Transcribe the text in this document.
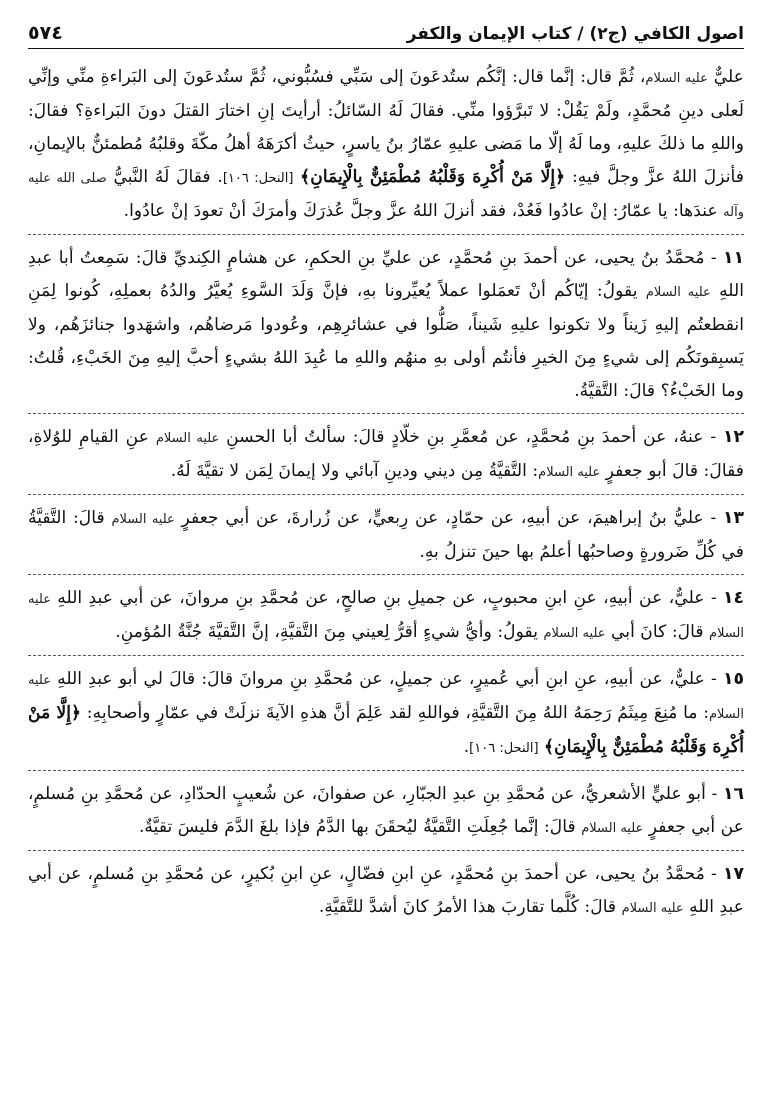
اصول الكافي (ج٢) / كتاب الإيمان والكفر
٥٧٤

عليٌّ عليه السلام، ثُمَّ قال: إنَّما قال: إنَّكُم ستُدعَونَ إلى سَبِّي فسُبُّوني، ثُمَّ ستُدعَونَ إلى البَراءةِ منِّي وإنِّي لَعلى دينِ مُحمَّدٍ، ولَمْ يَقُلْ: لا تَبرَّؤوا منِّي. فقالَ لَهُ السّائلُ: أرأيتَ إنِ اختارَ القتلَ دونَ البَراءةِ؟ فقالَ: واللهِ ما ذلكَ عليهِ، وما لَهُ إلّا ما مَضى عليهِ عمّارُ بنُ ياسرٍ، حيثُ أكرَهَهُ أهلُ مكّةَ وقلبُهُ مُطمئنٌّ بالإيمانِ، فأنزلَ اللهُ عزَّ وجلَّ فيهِ: ﴿إِلَّا مَنْ أُكْرِهَ وَقَلْبُهُ مُطْمَئِنٌّ بِالْإِيمَانِ﴾ [النحل: ١٠٦]. فقالَ لَهُ النَّبيُّ صلى الله عليه وآله عندَها: يا عمّارُ: إنْ عادُوا فَعُدْ، فقد أنزلَ اللهُ عزَّ وجلَّ عُذرَكَ وأمرَكَ أنْ تعودَ إنْ عادُوا.

١١ - مُحمَّدُ بنُ يحيى، عن أحمدَ بنِ مُحمَّدٍ، عن عليِّ بنِ الحكمِ، عن هشامٍ الكِنديِّ قالَ: سَمِعتُ أبا عبدِ اللهِ عليه السلام يقولُ: إيّاكُم أنْ تَعمَلوا عملاً يُعيِّرونا بهِ، فإنَّ وَلَدَ السَّوءِ يُعيَّرُ والدُهُ بعملِهِ، كُونوا لِمَنِ انقطعتُم إليهِ زَيناً ولا تكونوا عليهِ شَيناً، صَلُّوا في عشائرِهِم، وعُودوا مَرضاهُم، واشهَدوا جنائزَهُم، ولا يَسبِقونَكُم إلى شيءٍ مِنَ الخيرِ فأنتُم أولى بهِ منهُم واللهِ ما عُبِدَ اللهُ بشيءٍ أحبَّ إليهِ مِنَ الخَبْءِ، قُلتُ: وما الخَبْءُ؟ قالَ: التَّقيَّةُ.

١٢ - عنهُ، عن أحمدَ بنِ مُحمَّدٍ، عن مُعمَّرِ بنِ خلّادٍ قالَ: سألتُ أبا الحسنِ عليه السلام عنِ القيامِ للوُلاةِ، فقالَ: قالَ أبو جعفرٍ عليه السلام: التَّقيَّةُ مِن ديني ودينِ آبائي ولا إيمانَ لِمَن لا تقيَّةَ لَهُ.

١٣ - عليُّ بنُ إبراهيمَ، عن أبيهِ، عن حمّادٍ، عن رِبعيٍّ، عن زُرارةَ، عن أبي جعفرٍ عليه السلام قالَ: التَّقيَّةُ في كُلِّ ضَرورةٍ وصاحبُها أعلمُ بها حينَ تنزلُ بهِ.

١٤ - عليٌّ، عن أبيهِ، عنِ ابنِ محبوبٍ، عن جميلِ بنِ صالحٍ، عن مُحمَّدِ بنِ مروانَ، عن أبي عبدِ اللهِ عليه السلام قالَ: كانَ أبي عليه السلام يقولُ: وأيُّ شيءٍ أقرُّ لِعيني مِنَ التَّقيَّةِ، إنَّ التَّقيَّةَ جُنَّةُ المُؤمنِ.

١٥ - عليٌّ، عن أبيهِ، عنِ ابنِ أبي عُميرٍ، عن جميلٍ، عن مُحمَّدِ بنِ مروانَ قالَ: قالَ لي أبو عبدِ اللهِ عليه السلام: ما مُنِعَ مِيثَمُ رَحِمَهُ اللهُ مِنَ التَّقيَّةِ، فواللهِ لقد عَلِمَ أنَّ هذهِ الآيةَ نزلَتْ في عمّارٍ وأصحابِهِ: ﴿إِلَّا مَنْ أُكْرِهَ وَقَلْبُهُ مُطْمَئِنٌّ بِالْإِيمَانِ﴾ [النحل: ١٠٦].

١٦ - أبو عليٍّ الأشعريُّ، عن مُحمَّدِ بنِ عبدِ الجبّارِ، عن صفوانَ، عن شُعيبٍ الحدّادِ، عن مُحمَّدِ بنِ مُسلمٍ، عن أبي جعفرٍ عليه السلام قالَ: إنَّما جُعِلَتِ التَّقيَّةُ ليُحقَنَ بها الدَّمُ فإذا بلغَ الدَّمَ فليسَ تقيَّةٌ.

١٧ - مُحمَّدُ بنُ يحيى، عن أحمدَ بنِ مُحمَّدٍ، عنِ ابنِ فضّالٍ، عنِ ابنِ بُكيرٍ، عن مُحمَّدِ بنِ مُسلمٍ، عن أبي عبدِ اللهِ عليه السلام قالَ: كُلَّما تقاربَ هذا الأمرُ كانَ أشدَّ للتَّقيَّةِ.
